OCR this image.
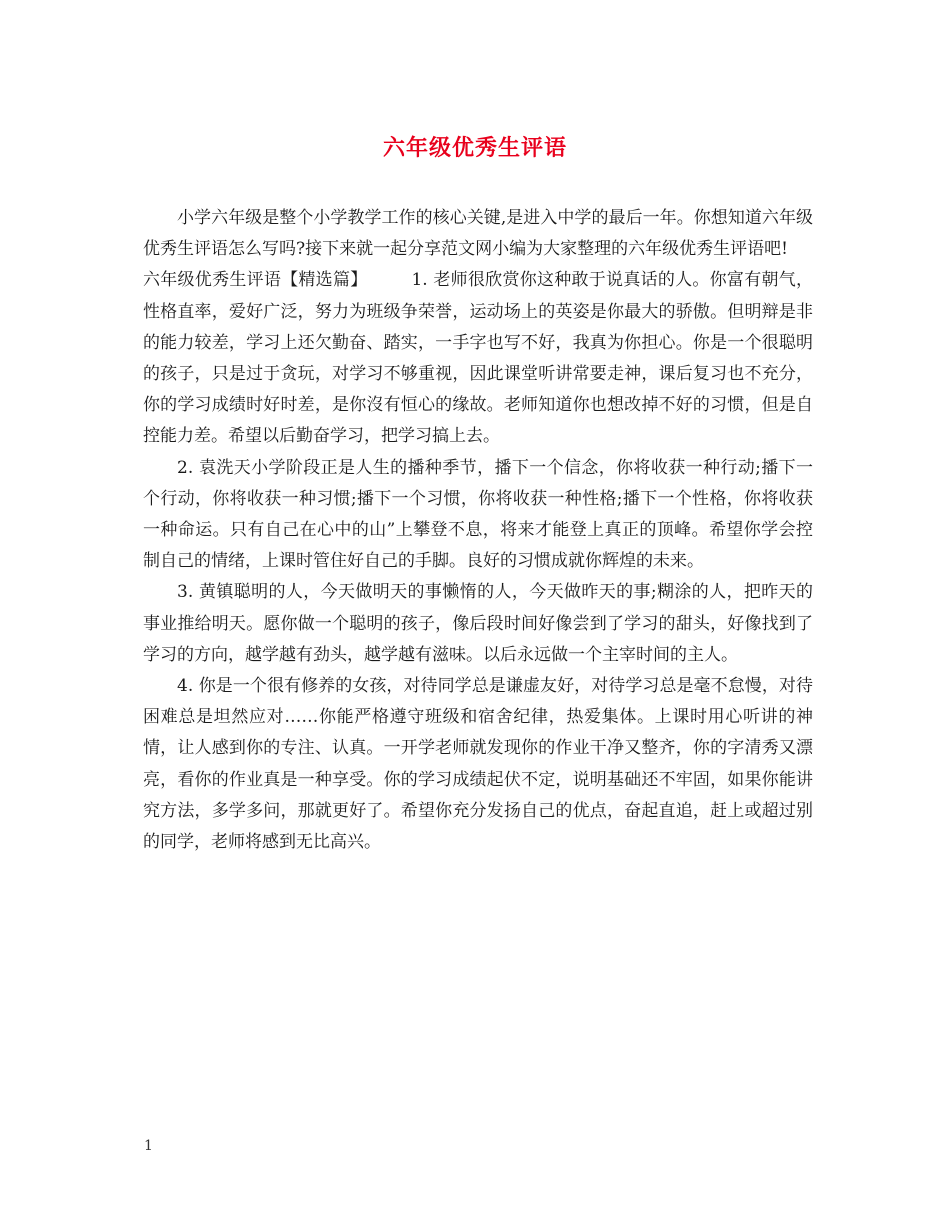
六年级优秀生评语

小学六年级是整个小学教学工作的核心关键,是进入中学的最后一年。你想知道六年级优秀生评语怎么写吗?接下来就一起分享范文网小编为大家整理的六年级优秀生评语吧!

六年级优秀生评语【精选篇】	1. 老师很欣赏你这种敢于说真话的人。你富有朝气，性格直率，爱好广泛，努力为班级争荣誉，运动场上的英姿是你最大的骄傲。但明辩是非的能力较差，学习上还欠勤奋、踏实，一手字也写不好，我真为你担心。你是一个很聪明的孩子，只是过于贪玩，对学习不够重视，因此课堂听讲常要走神，课后复习也不充分，你的学习成绩时好时差，是你沒有恒心的缘故。老师知道你也想改掉不好的习惯，但是自控能力差。希望以后勤奋学习，把学习搞上去。

2. 袁洗天小学阶段正是人生的播种季节，播下一个信念，你将收获一种行动;播下一个行动，你将收获一种习惯;播下一个习惯，你将收获一种性格;播下一个性格，你将收获一种命运。只有自己在心中的山”上攀登不息，将来才能登上真正的顶峰。希望你学会控制自己的情绪，上课时管住好自己的手脚。良好的习惯成就你辉煌的未来。

3. 黄镇聪明的人，今天做明天的事懒惰的人，今天做昨天的事;糊涂的人，把昨天的事业推给明天。愿你做一个聪明的孩子，像后段时间好像尝到了学习的甜头，好像找到了学习的方向，越学越有劲头，越学越有滋味。以后永远做一个主宰时间的主人。

4. 你是一个很有修养的女孩，对待同学总是谦虚友好，对待学习总是毫不怠慢，对待困难总是坦然应对……你能严格遵守班级和宿舍纪律，热爱集体。上课时用心听讲的神情，让人感到你的专注、认真。一开学老师就发现你的作业干净又整齐，你的字清秀又漂亮，看你的作业真是一种享受。你的学习成绩起伏不定，说明基础还不牢固，如果你能讲究方法，多学多问，那就更好了。希望你充分发扬自己的优点，奋起直追，赶上或超过别的同学，老师将感到无比高兴。

1
